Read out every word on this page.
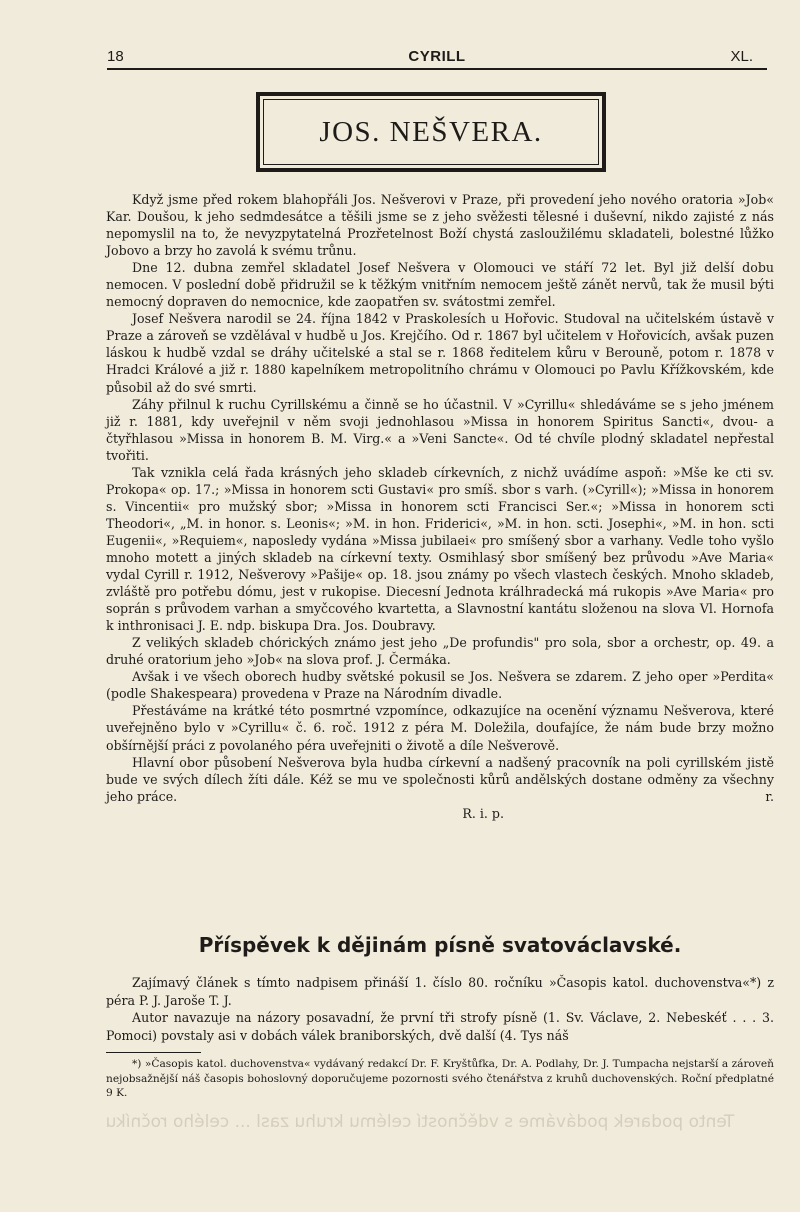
18	CYRILL	XL.
JOS. NEŠVERA.

Když jsme před rokem blahopřáli Jos. Nešverovi v Praze, při provedení jeho nového oratoria »Job« Kar. Doušou, k jeho sedmdesátce a těšili jsme se z jeho svěžesti tělesné i duševní, nikdo zajisté z nás nepomyslil na to, že nevyzpytatelná Prozřetelnost Boží chystá zasloužilému skladateli, bolestné lůžko Jobovo a brzy ho zavolá k svému trůnu.

Dne 12. dubna zemřel skladatel Josef Nešvera v Olomouci ve stáří 72 let. Byl již delší dobu nemocen. V poslední době přidružil se k těžkým vnitřním nemocem ještě zánět nervů, tak že musil býti nemocný dopraven do nemocnice, kde zaopatřen sv. svátostmi zemřel.

Josef Nešvera narodil se 24. října 1842 v Praskolesích u Hořovic. Studoval na učitelském ústavě v Praze a zároveň se vzdělával v hudbě u Jos. Krejčího. Od r. 1867 byl učitelem v Hořovicích, avšak puzen láskou k hudbě vzdal se dráhy učitelské a stal se r. 1868 ředitelem kůru v Berouně, potom r. 1878 v Hradci Králové a již r. 1880 kapelníkem metropolitního chrámu v Olomouci po Pavlu Křížkovském, kde působil až do své smrti.

Záhy přilnul k ruchu Cyrillskému a činně se ho účastnil. V »Cyrillu« shledáváme se s jeho jménem již r. 1881, kdy uveřejnil v něm svoji jednohlasou »Missa in honorem Spiritus Sancti«, dvou- a čtyřhlasou »Missa in honorem B. M. Virg.« a »Veni Sancte«. Od té chvíle plodný skladatel nepřestal tvořiti.

Tak vznikla celá řada krásných jeho skladeb církevních, z nichž uvádíme aspoň: »Mše ke cti sv. Prokopa« op. 17.; »Missa in honorem scti Gustavi« pro smíš. sbor s varh. (»Cyrill«); »Missa in honorem s. Vincentii« pro mužský sbor; »Missa in honorem scti Francisci Ser.«; »Missa in honorem scti Theodori«, „M. in honor. s. Leonis«; »M. in hon. Friderici«, »M. in hon. scti. Josephi«, »M. in hon. scti Eugenii«, »Requiem«, naposledy vydána »Missa jubilaei« pro smíšený sbor a varhany. Vedle toho vyšlo mnoho motett a jiných skladeb na církevní texty. Osmihlasý sbor smíšený bez průvodu »Ave Maria« vydal Cyrill r. 1912, Nešverovy »Pašije« op. 18. jsou známy po všech vlastech českých. Mnoho skladeb, zvláště pro potřebu dómu, jest v rukopise. Diecesní Jednota králhradecká má rukopis »Ave Maria« pro soprán s průvodem varhan a smyčcového kvartetta, a Slavnostní kantátu složenou na slova Vl. Hornofa k inthronisaci J. E. ndp. biskupa Dra. Jos. Doubravy.

Z velikých skladeb chórických známo jest jeho „De profundis" pro sola, sbor a orchestr, op. 49. a druhé oratorium jeho »Job« na slova prof. J. Čermáka.

Avšak i ve všech oborech hudby světské pokusil se Jos. Nešvera se zdarem. Z jeho oper »Perdita« (podle Shakespeara) provedena v Praze na Národním divadle.

Přestáváme na krátké této posmrtné vzpomínce, odkazujíce na ocenění významu Nešverova, které uveřejněno bylo v »Cyrillu« č. 6. roč. 1912 z péra M. Doležila, doufajíce, že nám bude brzy možno obšírnější práci z povolaného péra uveřejniti o životě a díle Nešverově.

Hlavní obor působení Nešverova byla hudba církevní a nadšený pracovník na poli cyrillském jistě bude ve svých dílech žíti dále. Kéž se mu ve společnosti kůrů andělských dostane odměny za všechny jeho práce.	r.

R. i. p.

Příspěvek k dějinám písně svatováclavské.

Zajímavý článek s tímto nadpisem přináší 1. číslo 80. ročníku »Časopis katol. duchovenstva«*) z péra P. J. Jaroše T. J.

Autor navazuje na názory posavadní, že první tři strofy písně (1. Sv. Václave, 2. Nebeskéť . . . 3. Pomoci) povstaly asi v dobách válek braniborských, dvě další (4. Tys náš

*) »Časopis katol. duchovenstva« vydávaný redakcí Dr. F. Kryštůfka, Dr. A. Podlahy, Dr. J. Tumpacha nejstarší a zároveň nejobsažnější náš časopis bohoslovný doporučujeme pozornosti svého čtenářstva z kruhů duchovenských. Roční předplatné 9 K.

Tento podarek podáváme s vděčností celému kruhu zasl ... celého ročníku
